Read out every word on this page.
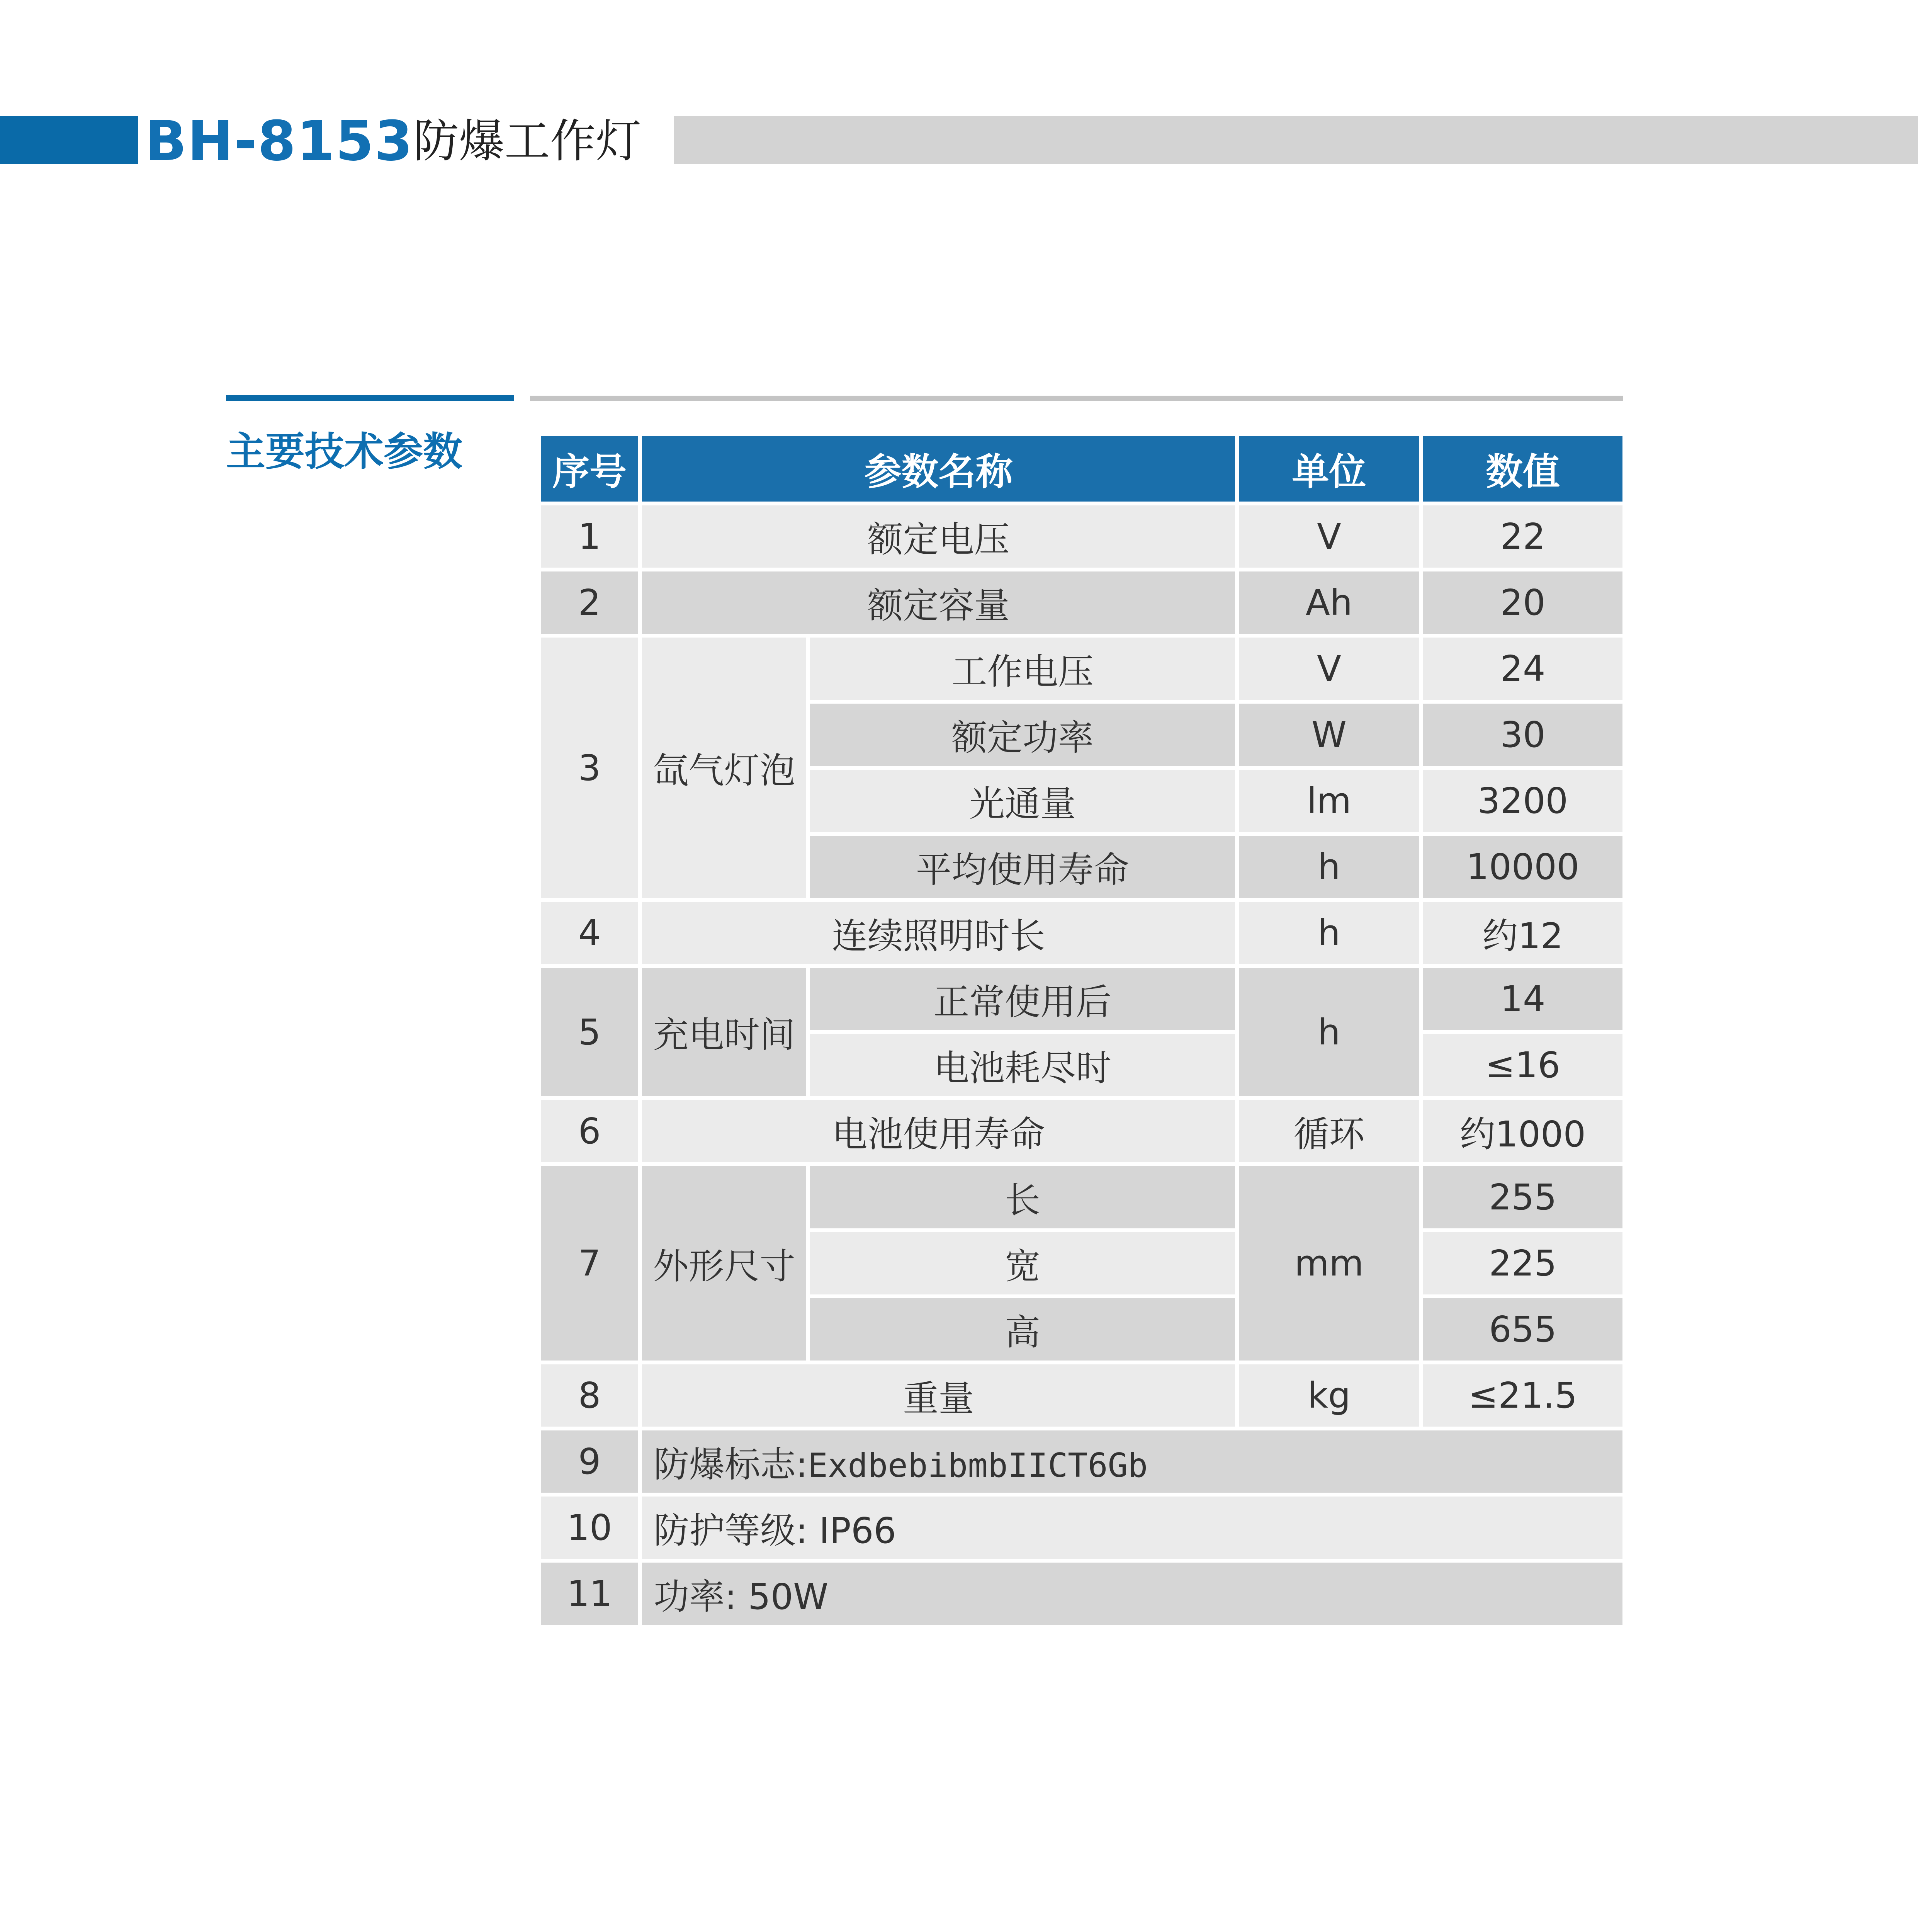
BH-8153 防爆工作灯
主要技术参数 序号	参数名称		单位	数值
1	额定电压		V	22
2	额定容量		Ah	20
3	氙气灯泡	工作电压	V	24
		额定功率	W	30
		光通量	lm	3200
		平均使用寿命	h	10000
4	连续照明时长		h	约12
5	充电时间	正常使用后	h	14
		电池耗尽时		≤16
6	电池使用寿命		循环	约1000
7	外形尺寸	长	mm	255
		宽		225
		高		655
8	重量		kg	≤21.5
9	防爆标志:ExdbebibmbIICT6Gb			
10	防护等级: IP66			
11	功率: 50W			
